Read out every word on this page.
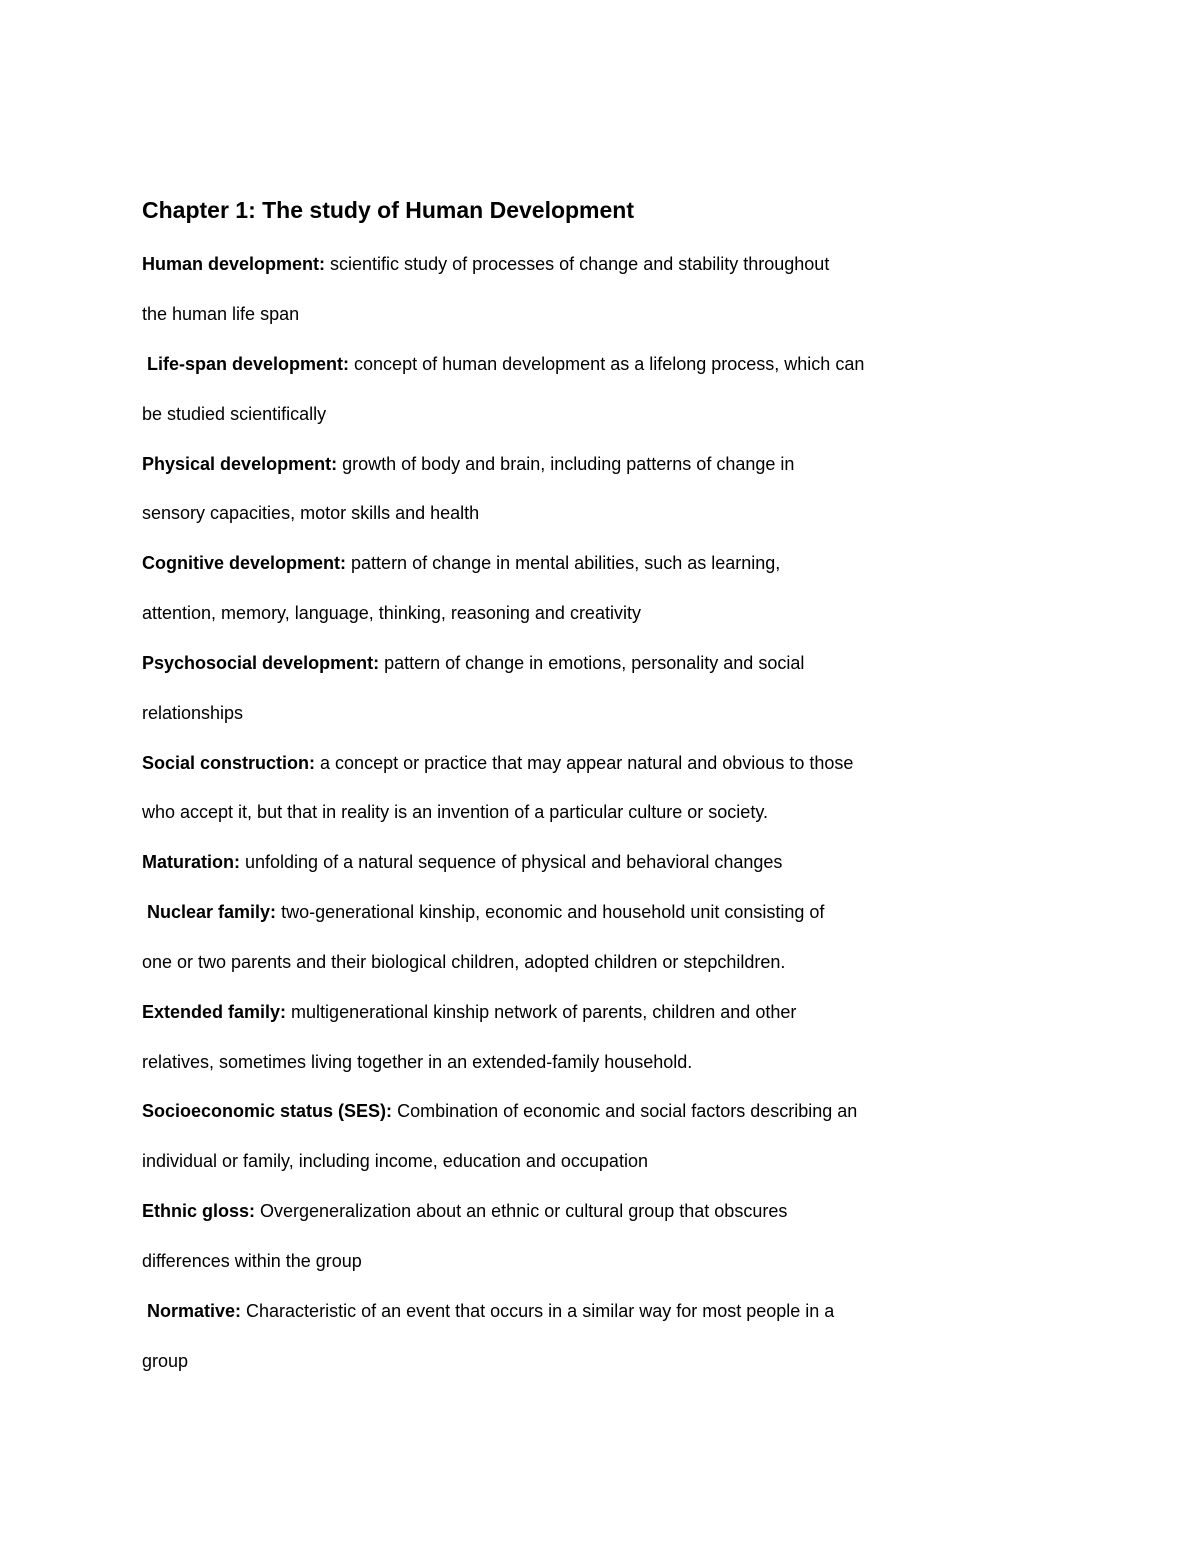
Chapter 1: The study of Human Development

Human development: scientific study of processes of change and stability throughout

the human life span

Life-span development: concept of human development as a lifelong process, which can

be studied scientifically

Physical development: growth of body and brain, including patterns of change in

sensory capacities, motor skills and health

Cognitive development: pattern of change in mental abilities, such as learning,

attention, memory, language, thinking, reasoning and creativity

Psychosocial development: pattern of change in emotions, personality and social

relationships

Social construction: a concept or practice that may appear natural and obvious to those

who accept it, but that in reality is an invention of a particular culture or society.

Maturation: unfolding of a natural sequence of physical and behavioral changes

Nuclear family: two-generational kinship, economic and household unit consisting of

one or two parents and their biological children, adopted children or stepchildren.

Extended family: multigenerational kinship network of parents, children and other

relatives, sometimes living together in an extended-family household.

Socioeconomic status (SES): Combination of economic and social factors describing an

individual or family, including income, education and occupation

Ethnic gloss: Overgeneralization about an ethnic or cultural group that obscures

differences within the group

Normative: Characteristic of an event that occurs in a similar way for most people in a

group
